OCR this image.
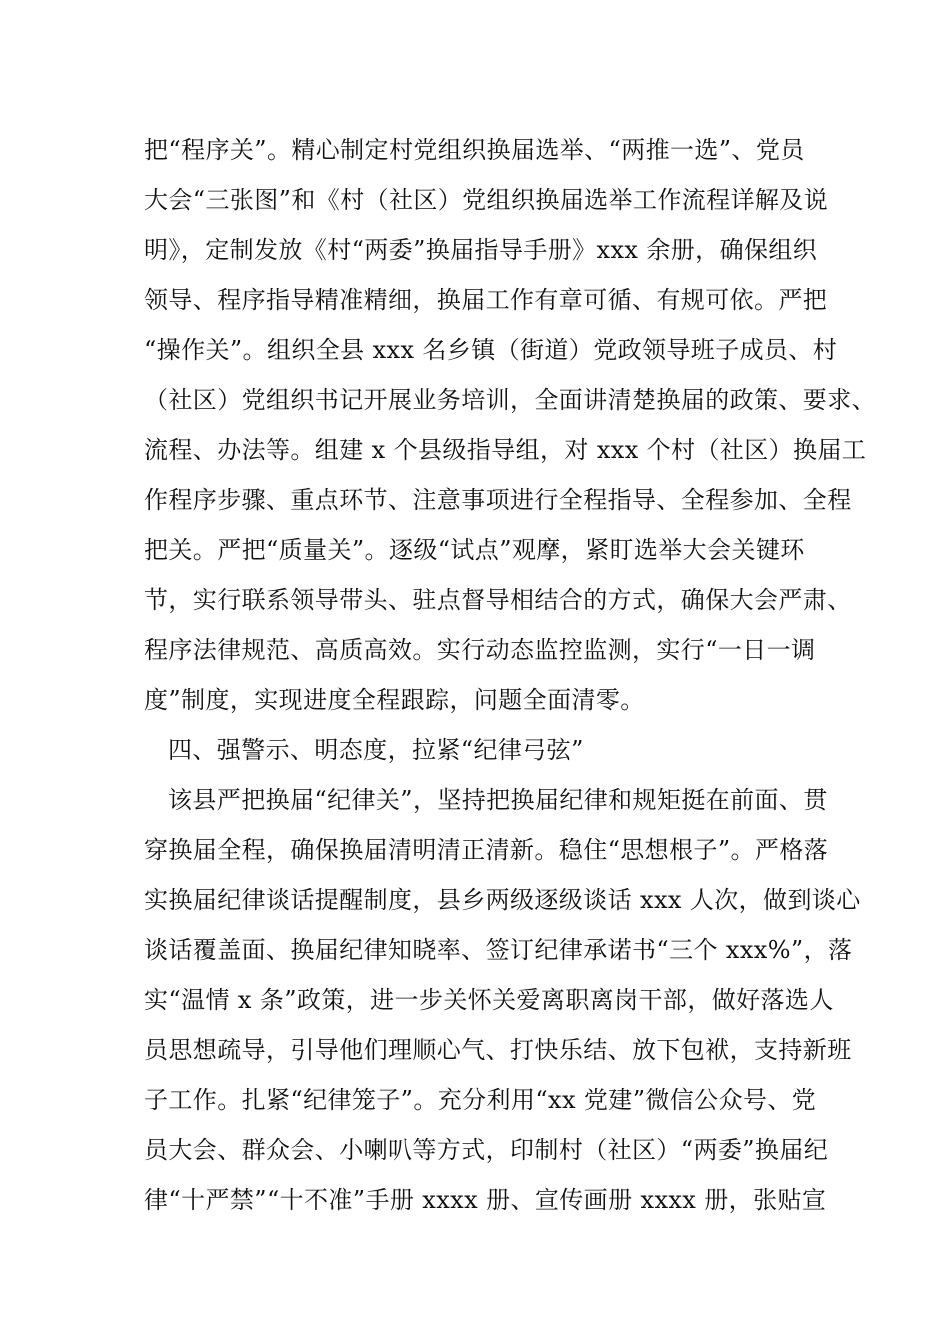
把“程序关”。精心制定村党组织换届选举、“两推一选”、党员
大会“三张图”和《村（社区）党组织换届选举工作流程详解及说
明》，定制发放《村“两委”换届指导手册》xxx 余册，确保组织
领导、程序指导精准精细，换届工作有章可循、有规可依。严把
“操作关”。组织全县 xxx 名乡镇（街道）党政领导班子成员、村
（社区）党组织书记开展业务培训，全面讲清楚换届的政策、要求、
流程、办法等。组建 x 个县级指导组，对 xxx 个村（社区）换届工
作程序步骤、重点环节、注意事项进行全程指导、全程参加、全程
把关。严把“质量关”。逐级“试点”观摩，紧盯选举大会关键环
节，实行联系领导带头、驻点督导相结合的方式，确保大会严肃、
程序法律规范、高质高效。实行动态监控监测，实行“一日一调
度”制度，实现进度全程跟踪，问题全面清零。
四、强警示、明态度，拉紧“纪律弓弦”
该县严把换届“纪律关”，坚持把换届纪律和规矩挺在前面、贯
穿换届全程，确保换届清明清正清新。稳住“思想根子”。严格落
实换届纪律谈话提醒制度，县乡两级逐级谈话 xxx 人次，做到谈心
谈话覆盖面、换届纪律知晓率、签订纪律承诺书“三个 xxx%”，落
实“温情 x 条”政策，进一步关怀关爱离职离岗干部，做好落选人
员思想疏导，引导他们理顺心气、打快乐结、放下包袱，支持新班
子工作。扎紧“纪律笼子”。充分利用“xx 党建”微信公众号、党
员大会、群众会、小喇叭等方式，印制村（社区）“两委”换届纪
律“十严禁”“十不准”手册 xxxx 册、宣传画册 xxxx 册，张贴宣
